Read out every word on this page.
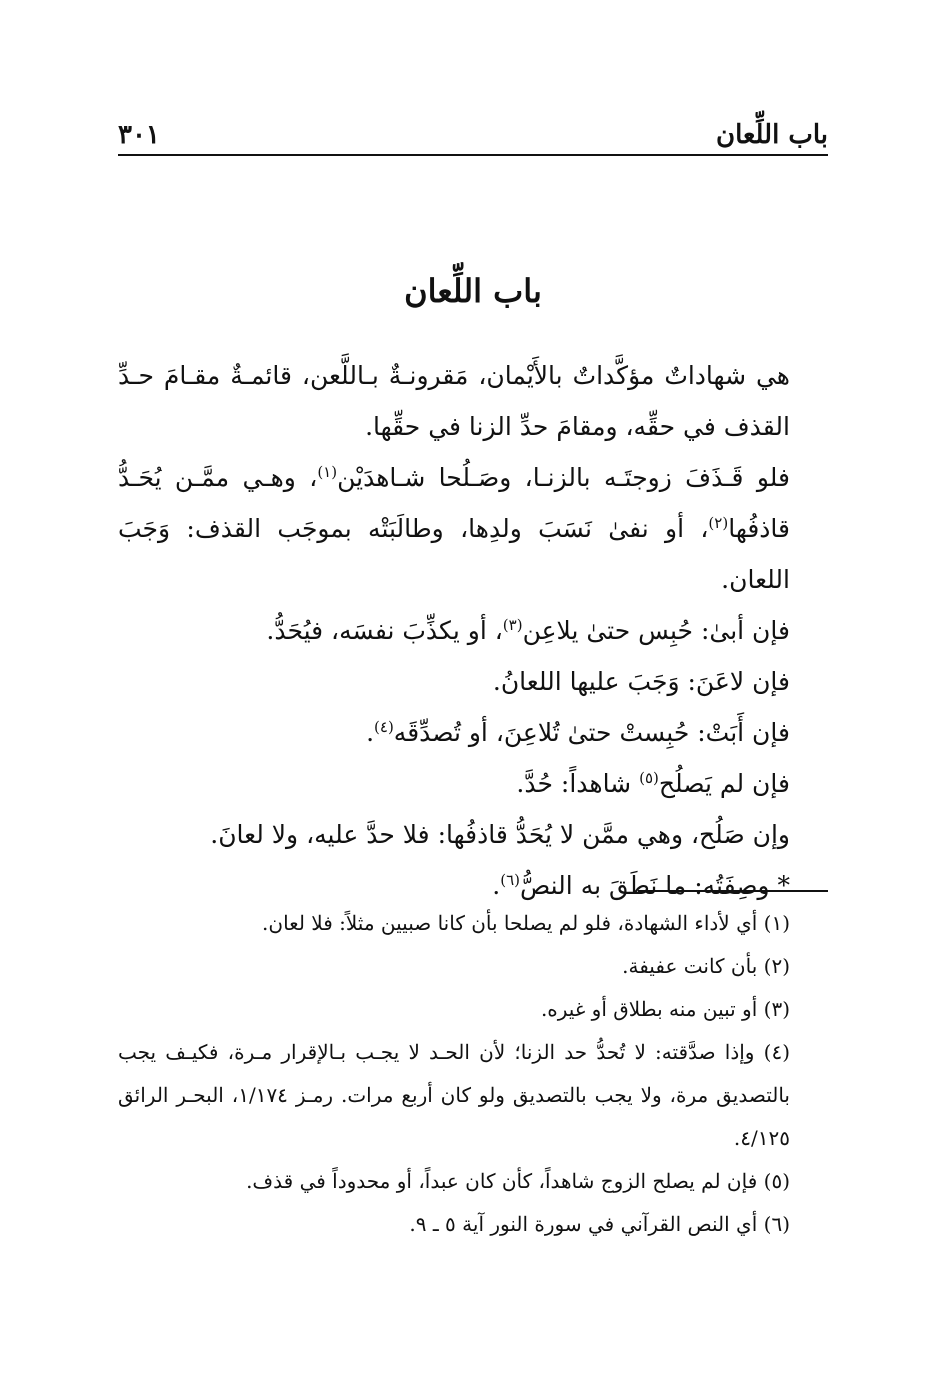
باب اللِّعان
٣٠١
باب اللِّعان

هي شهاداتٌ مؤكَّداتٌ بالأَيْمان، مَقرونـةٌ بـاللَّعن، قائمـةٌ مقـامَ حـدِّ القذف في حقِّه، ومقامَ حدِّ الزنا في حقِّها.

فلو قَـذَفَ زوجتَـه بالزنـا، وصَـلُحا شـاهدَيْن$^{(١)}$، وهـي ممَّـن يُحَـدُّ قاذفُها$^{(٢)}$، أو نفىٰ نَسَبَ ولدِها، وطالَبَتْه بموجَب القذف: وَجَبَ اللعان.

فإن أبىٰ: حُبِس حتىٰ يلاعِن$^{(٣)}$، أو يكذِّبَ نفسَه، فيُحَدُّ.

فإن لاعَنَ: وَجَبَ عليها اللعانُ.

فإن أَبَتْ: حُبِستْ حتىٰ تُلاعِنَ، أو تُصدِّقَه$^{(٤)}$.

فإن لم يَصلُح$^{(٥)}$ شاهداً: حُدَّ.

وإن صَلُح، وهي ممَّن لا يُحَدُّ قاذفُها: فلا حدَّ عليه، ولا لعانَ.

* وصِفَتُه: ما نَطَقَ به النصُّ$^{(٦)}$.

(١) أي لأداء الشهادة، فلو لم يصلحا بأن كانا صبيين مثلاً: فلا لعان.

(٢) بأن كانت عفيفة.

(٣) أو تبين منه بطلاق أو غيره.

(٤) وإذا صدَّقته: لا تُحدُّ حد الزنا؛ لأن الحـد لا يجـب بـالإقرار مـرة، فكيـف يجب بالتصديق مرة، ولا يجب بالتصديق ولو كان أربع مرات. رمـز ١/١٧٤، البحـر الرائق ٤/١٢٥.

(٥) فإن لم يصلح الزوج شاهداً، كأن كان عبداً، أو محدوداً في قذف.

(٦) أي النص القرآني في سورة النور آية ٥ ـ ٩.
